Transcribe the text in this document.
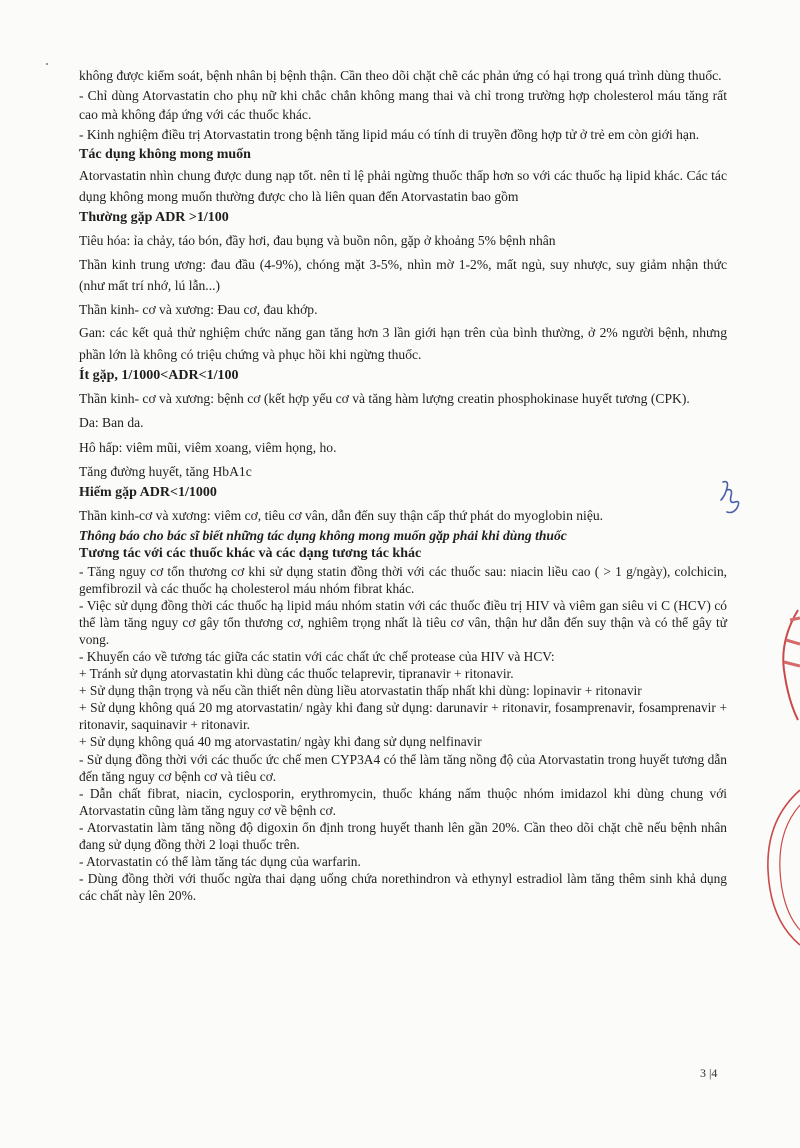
không được kiểm soát, bệnh nhân bị bệnh thận. Cần theo dõi chặt chẽ các phản ứng có hại trong quá trình dùng thuốc.

- Chỉ dùng Atorvastatin cho phụ nữ khi chắc chắn không mang thai và chỉ trong trường hợp cholesterol máu tăng rất cao mà không đáp ứng với các thuốc khác.

- Kinh nghiệm điều trị Atorvastatin trong bệnh tăng lipid máu có tính di truyền đồng hợp tử ở trẻ em còn giới hạn.

Tác dụng không mong muốn

Atorvastatin nhìn chung được dung nạp tốt. nên tỉ lệ phải ngừng thuốc thấp hơn so với các thuốc hạ lipid khác. Các tác dụng không mong muốn thường được cho là liên quan đến Atorvastatin bao gồm

Thường gặp ADR >1/100

Tiêu hóa: ỉa chảy, táo bón, đầy hơi, đau bụng và buồn nôn, gặp ở khoảng 5% bệnh nhân

Thần kinh trung ương: đau đầu (4-9%), chóng mặt 3-5%, nhìn mờ 1-2%, mất ngủ, suy nhược, suy giảm nhận thức (như mất trí nhớ, lú lẫn...)

Thần kinh- cơ và xương: Đau cơ, đau khớp.

Gan: các kết quả thử nghiệm chức năng gan tăng hơn 3 lần giới hạn trên của bình thường, ở 2% người bệnh, nhưng phần lớn là không có triệu chứng và phục hồi khi ngừng thuốc.

Ít gặp, 1/1000<ADR<1/100

Thần kinh- cơ và xương: bệnh cơ (kết hợp yếu cơ và tăng hàm lượng creatin phosphokinase huyết tương (CPK).

Da: Ban da.

Hô hấp: viêm mũi, viêm xoang, viêm họng, ho.

Tăng đường huyết, tăng HbA1c

Hiếm gặp ADR<1/1000

Thần kinh-cơ và xương: viêm cơ, tiêu cơ vân, dẫn đến suy thận cấp thứ phát do myoglobin niệu.

Thông báo cho bác sĩ biết những tác dụng không mong muốn gặp phải khi dùng thuốc

Tương tác với các thuốc khác và các dạng tương tác khác

- Tăng nguy cơ tổn thương cơ khi sử dụng statin đồng thời với các thuốc sau: niacin liều cao ( > 1 g/ngày), colchicin, gemfibrozil và các thuốc hạ cholesterol máu nhóm fibrat khác.

- Việc sử dụng đồng thời các thuốc hạ lipid máu nhóm statin với các thuốc điều trị HIV và viêm gan siêu vi C (HCV) có thể làm tăng nguy cơ gây tổn thương cơ, nghiêm trọng nhất là tiêu cơ vân, thận hư dẫn đến suy thận và có thể gây tử vong.

- Khuyến cáo về tương tác giữa các statin với các chất ức chế protease của HIV và HCV:

+ Tránh sử dụng atorvastatin khi dùng các thuốc telaprevir, tipranavir + ritonavir.

+ Sử dụng thận trọng và nếu cần thiết nên dùng liều atorvastatin thấp nhất khi dùng: lopinavir + ritonavir

+ Sử dụng không quá 20 mg atorvastatin/ ngày khi đang sử dụng: darunavir + ritonavir, fosamprenavir, fosamprenavir + ritonavir, saquinavir + ritonavir.

+ Sử dụng không quá 40 mg atorvastatin/ ngày khi đang sử dụng nelfinavir

- Sử dụng đồng thời với các thuốc ức chế men CYP3A4 có thể làm tăng nồng độ của Atorvastatin trong huyết tương dẫn đến tăng nguy cơ bệnh cơ và tiêu cơ.

- Dẫn chất fibrat, niacin, cyclosporin, erythromycin, thuốc kháng nấm thuộc nhóm imidazol khi dùng chung với Atorvastatin cũng làm tăng nguy cơ về bệnh cơ.

- Atorvastatin làm tăng nồng độ digoxin ổn định trong huyết thanh lên gần 20%. Cần theo dõi chặt chẽ nếu bệnh nhân đang sử dụng đồng thời 2 loại thuốc trên.

- Atorvastatin có thể làm tăng tác dụng của warfarin.

- Dùng đồng thời với thuốc ngừa thai dạng uống chứa norethindron và ethynyl estradiol làm tăng thêm sinh khả dụng các chất này lên 20%.

3 |4
